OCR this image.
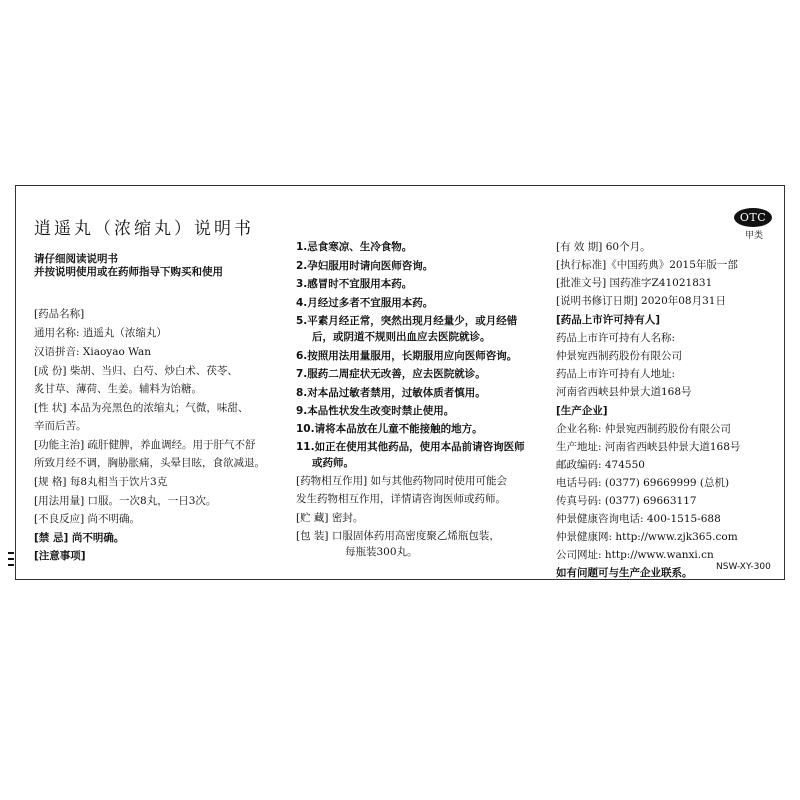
逍遥丸（浓缩丸）说明书
OTC
甲类
请仔细阅读说明书
并按说明使用或在药师指导下购买和使用
[药品名称]
通用名称: 逍遥丸（浓缩丸）
汉语拼音: Xiaoyao Wan
[成 份] 柴胡、当归、白芍、炒白术、茯苓、
炙甘草、薄荷、生姜。辅料为饴糖。
[性 状] 本品为亮黑色的浓缩丸；气微，味甜、
辛而后苦。
[功能主治] 疏肝健脾，养血调经。用于肝气不舒
所致月经不调，胸胁胀痛，头晕目眩，食欲减退。
[规 格] 每8丸相当于饮片3克
[用法用量] 口服。一次8丸，一日3次。
[不良反应] 尚不明确。
[禁 忌] 尚不明确。
[注意事项]
1.忌食寒凉、生冷食物。
2.孕妇服用时请向医师咨询。
3.感冒时不宜服用本药。
4.月经过多者不宜服用本药。
5.平素月经正常，突然出现月经量少，或月经错
后，或阴道不规则出血应去医院就诊。
6.按照用法用量服用，长期服用应向医师咨询。
7.服药二周症状无改善，应去医院就诊。
8.对本品过敏者禁用，过敏体质者慎用。
9.本品性状发生改变时禁止使用。
10.请将本品放在儿童不能接触的地方。
11.如正在使用其他药品，使用本品前请咨询医师
或药师。
[药物相互作用] 如与其他药物同时使用可能会
发生药物相互作用，详情请咨询医师或药师。
[贮 藏] 密封。
[包 装] 口服固体药用高密度聚乙烯瓶包装，
每瓶装300丸。
[有 效 期] 60个月。
[执行标准]《中国药典》2015年版一部
[批准文号] 国药准字Z41021831
[说明书修订日期] 2020年08月31日
[药品上市许可持有人]
药品上市许可持有人名称:
仲景宛西制药股份有限公司
药品上市许可持有人地址:
河南省西峡县仲景大道168号
[生产企业]
企业名称: 仲景宛西制药股份有限公司
生产地址: 河南省西峡县仲景大道168号
邮政编码: 474550
电话号码: (0377) 69669999 (总机)
传真号码: (0377) 69663117
仲景健康咨询电话: 400-1515-688
仲景健康网: http://www.zjk365.com
公司网址: http://www.wanxi.cn
如有问题可与生产企业联系。	NSW-XY-300
